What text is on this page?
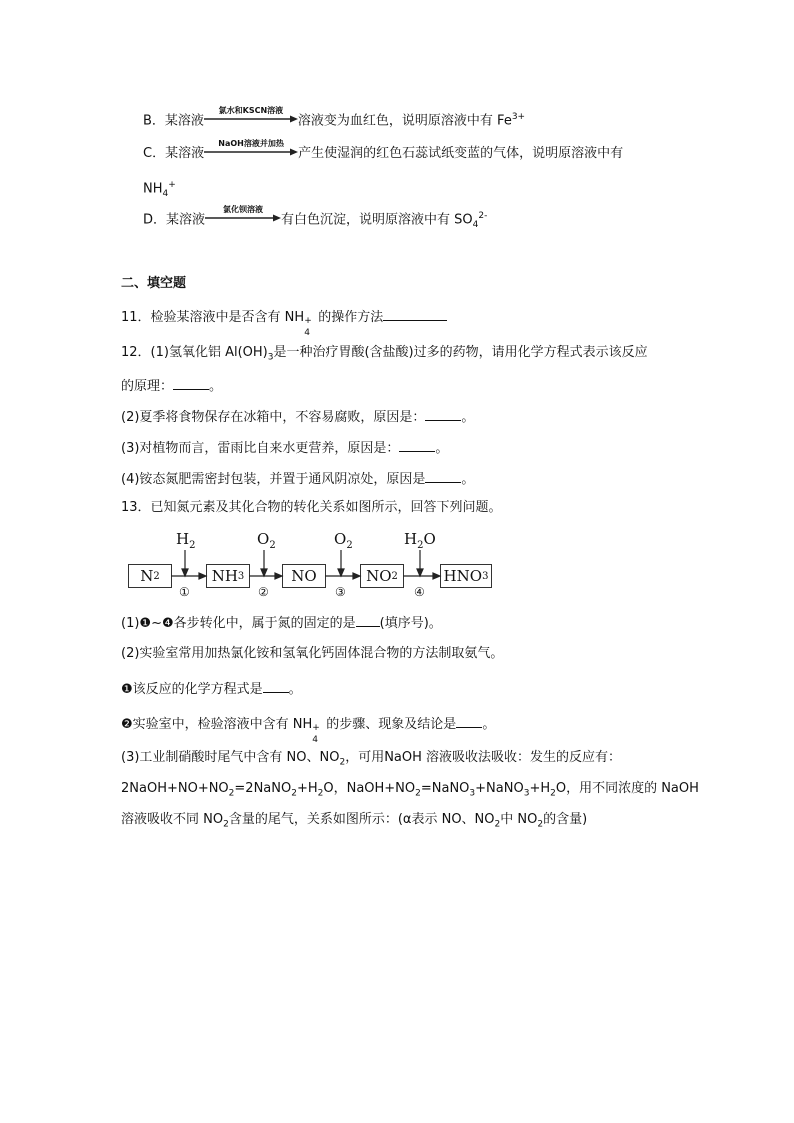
B．某溶液
氯水和KSCN溶液
溶液变为血红色，说明原溶液中有 $Fe^{3+}$
C．某溶液
NaOH溶液并加热
产生使湿润的红色石蕊试纸变蓝的气体，说明原溶液中有
$NH_4^+$
D．某溶液
氯化钡溶液
有白色沉淀，说明原溶液中有 $SO_4^{2-}$
二、填空题
11．检验某溶液中是否含有 NH +
4
的操作方法
12．(1)氢氧化铝 $Al(OH)_3$是一种治疗胃酸(含盐酸)过多的药物，请用化学方程式表示该反应
的原理：	。
(2)夏季将食物保存在冰箱中，不容易腐败，原因是：	。
(3)对植物而言，雷雨比自来水更营养，原因是：	。
(4)铵态氮肥需密封包装，并置于通风阴凉处，原因是	。
13．已知氮元素及其化合物的转化关系如图所示，回答下列问题。
$H_2$	$O_2$	$O_2$	$H_2O$
N 2	NH 3	NO	NO 2	HNO 3
①	②	③	④
(1)❶~❹各步转化中，属于氮的固定的是 (填序号)。
(2)实验室常用加热氯化铵和氢氧化钙固体混合物的方法制取氨气。
❶该反应的化学方程式是 。
❷实验室中，检验溶液中含有 NH +
4
的步骤、现象及结论是 。
(3)工业制硝酸时尾气中含有 NO、$NO_2$，可用NaOH 溶液吸收法吸收：发生的反应有：
$2NaOH+NO+NO_2=2NaNO_2+H_2O$，$NaOH+NO_2=NaNO_3+NaNO_3+H_2O$，用不同浓度的 NaOH
溶液吸收不同 $NO_2$含量的尾气，关系如图所示：(α表示 NO、$NO_2$中 $NO_2$的含量)
